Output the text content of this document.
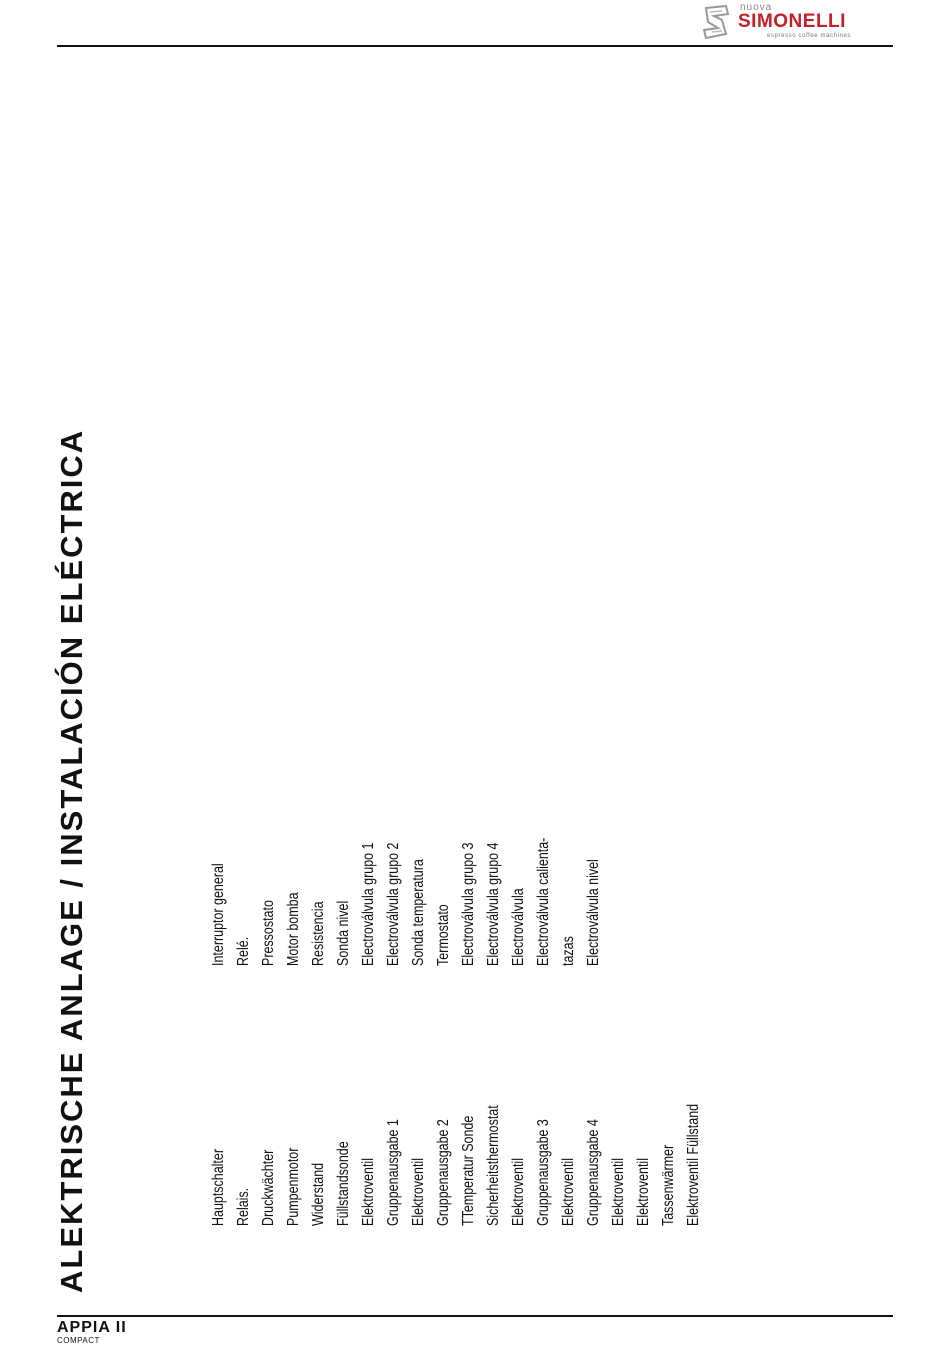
nuova
SIMONELLI
espresso coffee machines
ALEKTRISCHE ANLAGE / INSTALACIÓN ELÉCTRICA	Hauptschalter Relais. Druckwächter Pumpenmotor Widerstand Füllstandsonde Elektroventil Gruppenausgabe 1 Elektroventil Gruppenausgabe 2 TTemperatur Sonde Sicherheitsthermostat Elektroventil Gruppenausgabe 3 Elektroventil Gruppenausgabe 4 Elektroventil Elektroventil Tassenwärmer Elektroventil Füllstand
Interruptor general Relé. Pressostato Motor bomba Resistencia Sonda nivel Electroválvula grupo 1 Electroválvula grupo 2 Sonda temperatura Termostato Electroválvula grupo 3 Electroválvula grupo 4 Electroválvula Electroválvula calienta- tazas Electroválvula nivel
APPIA II
COMPACT
